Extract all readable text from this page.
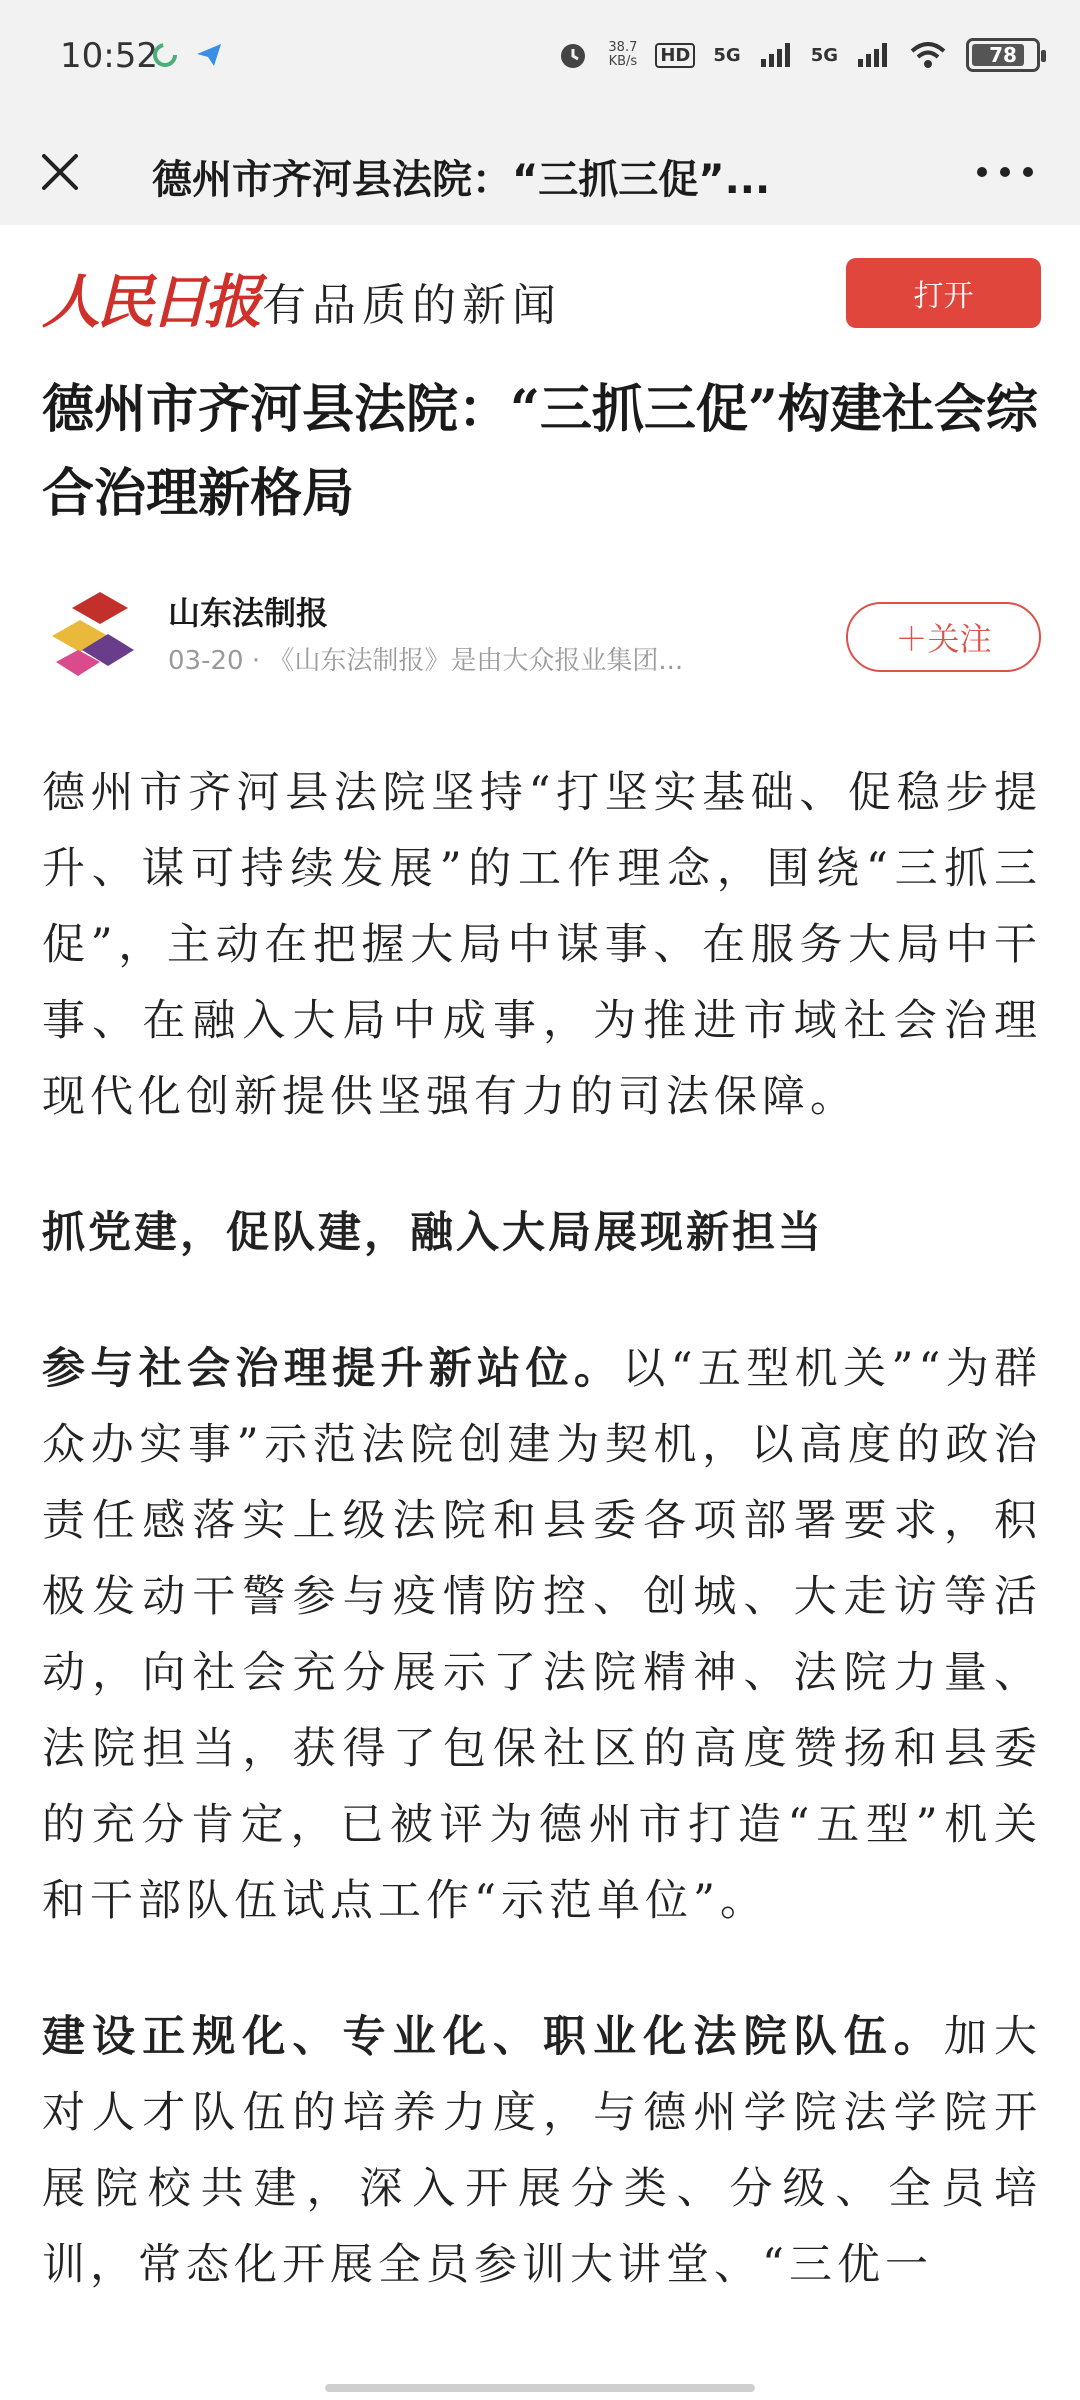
10:52	38.7
KB/s HD 5G	5G	78
德州市齐河县法院：“三抓三促”...
人民日报 有品质的新闻	打开
德州市齐河县法院：“三抓三促”构建社会综合治理新格局
山东法制报
03-20 · 《山东法制报》是由大众报业集团...
＋关注

德州市齐河县法院坚持“打坚实基础、促稳步提升、谋可持续发展”的工作理念，围绕“三抓三促”，主动在把握大局中谋事、在服务大局中干事、在融入大局中成事，为推进市域社会治理现代化创新提供坚强有力的司法保障。

抓党建，促队建，融入大局展现新担当

参与社会治理提升新站位。以“五型机关”“为群众办实事”示范法院创建为契机，以高度的政治责任感落实上级法院和县委各项部署要求，积极发动干警参与疫情防控、创城、大走访等活动，向社会充分展示了法院精神、法院力量、法院担当，获得了包保社区的高度赞扬和县委的充分肯定，已被评为德州市打造“五型”机关和干部队伍试点工作“示范单位”。

建设正规化、专业化、职业化法院队伍。加大对人才队伍的培养力度，与德州学院法学院开展院校共建，深入开展分类、分级、全员培训，常态化开展全员参训大讲堂、“三优一
